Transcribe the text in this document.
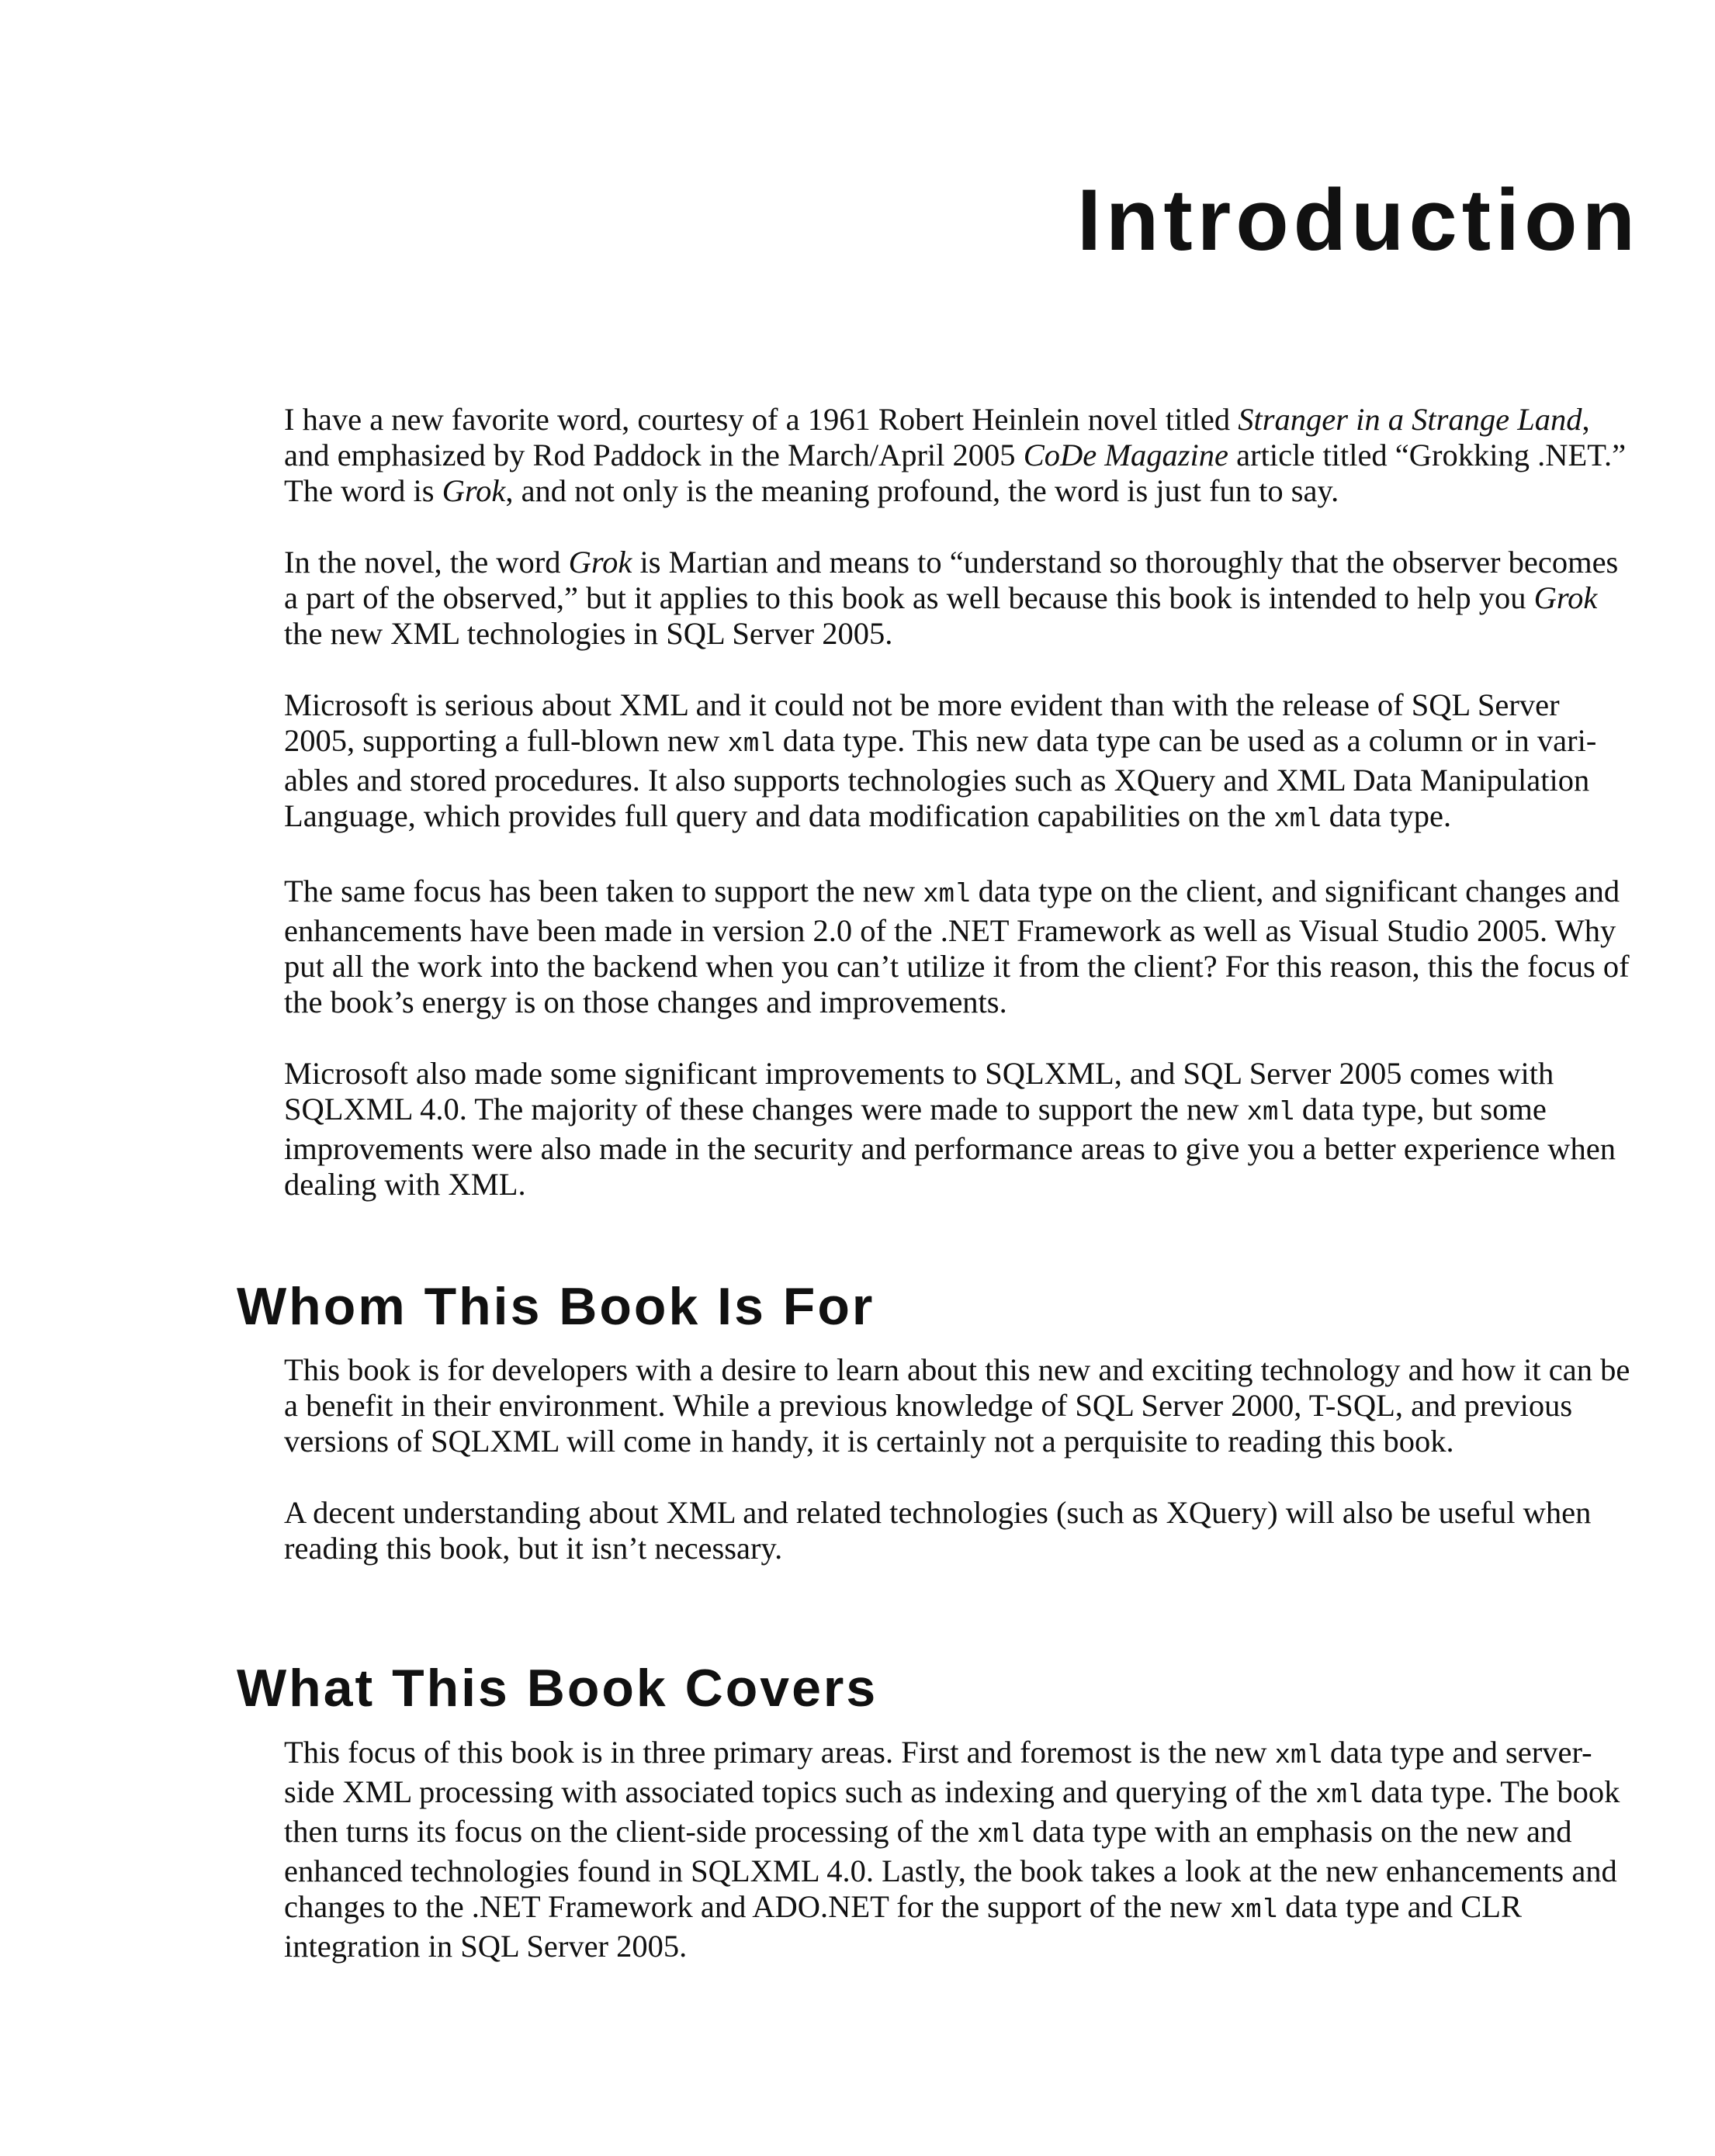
Introduction

I have a new favorite word, courtesy of a 1961 Robert Heinlein novel titled Stranger in a Strange Land, and emphasized by Rod Paddock in the March/April 2005 CoDe Magazine article titled “Grokking .NET.” The word is Grok, and not only is the meaning profound, the word is just fun to say.

In the novel, the word Grok is Martian and means to “understand so thoroughly that the observer becomes a part of the observed,” but it applies to this book as well because this book is intended to help you Grok the new XML technologies in SQL Server 2005.

Microsoft is serious about XML and it could not be more evident than with the release of SQL Server 2005, supporting a full-blown new xml data type. This new data type can be used as a column or in vari-ables and stored procedures. It also supports technologies such as XQuery and XML Data Manipulation Language, which provides full query and data modification capabilities on the xml data type.

The same focus has been taken to support the new xml data type on the client, and significant changes and enhancements have been made in version 2.0 of the .NET Framework as well as Visual Studio 2005. Why put all the work into the backend when you can’t utilize it from the client? For this reason, this the focus of the book’s energy is on those changes and improvements.

Microsoft also made some significant improvements to SQLXML, and SQL Server 2005 comes with SQLXML 4.0. The majority of these changes were made to support the new xml data type, but some improvements were also made in the security and performance areas to give you a better experience when dealing with XML.

Whom This Book Is For

This book is for developers with a desire to learn about this new and exciting technology and how it can be a benefit in their environment. While a previous knowledge of SQL Server 2000, T-SQL, and previous versions of SQLXML will come in handy, it is certainly not a perquisite to reading this book.

A decent understanding about XML and related technologies (such as XQuery) will also be useful when reading this book, but it isn’t necessary.

What This Book Covers

This focus of this book is in three primary areas. First and foremost is the new xml data type and server-side XML processing with associated topics such as indexing and querying of the xml data type. The book then turns its focus on the client-side processing of the xml data type with an emphasis on the new and enhanced technologies found in SQLXML 4.0. Lastly, the book takes a look at the new enhancements and changes to the .NET Framework and ADO.NET for the support of the new xml data type and CLR integration in SQL Server 2005.
